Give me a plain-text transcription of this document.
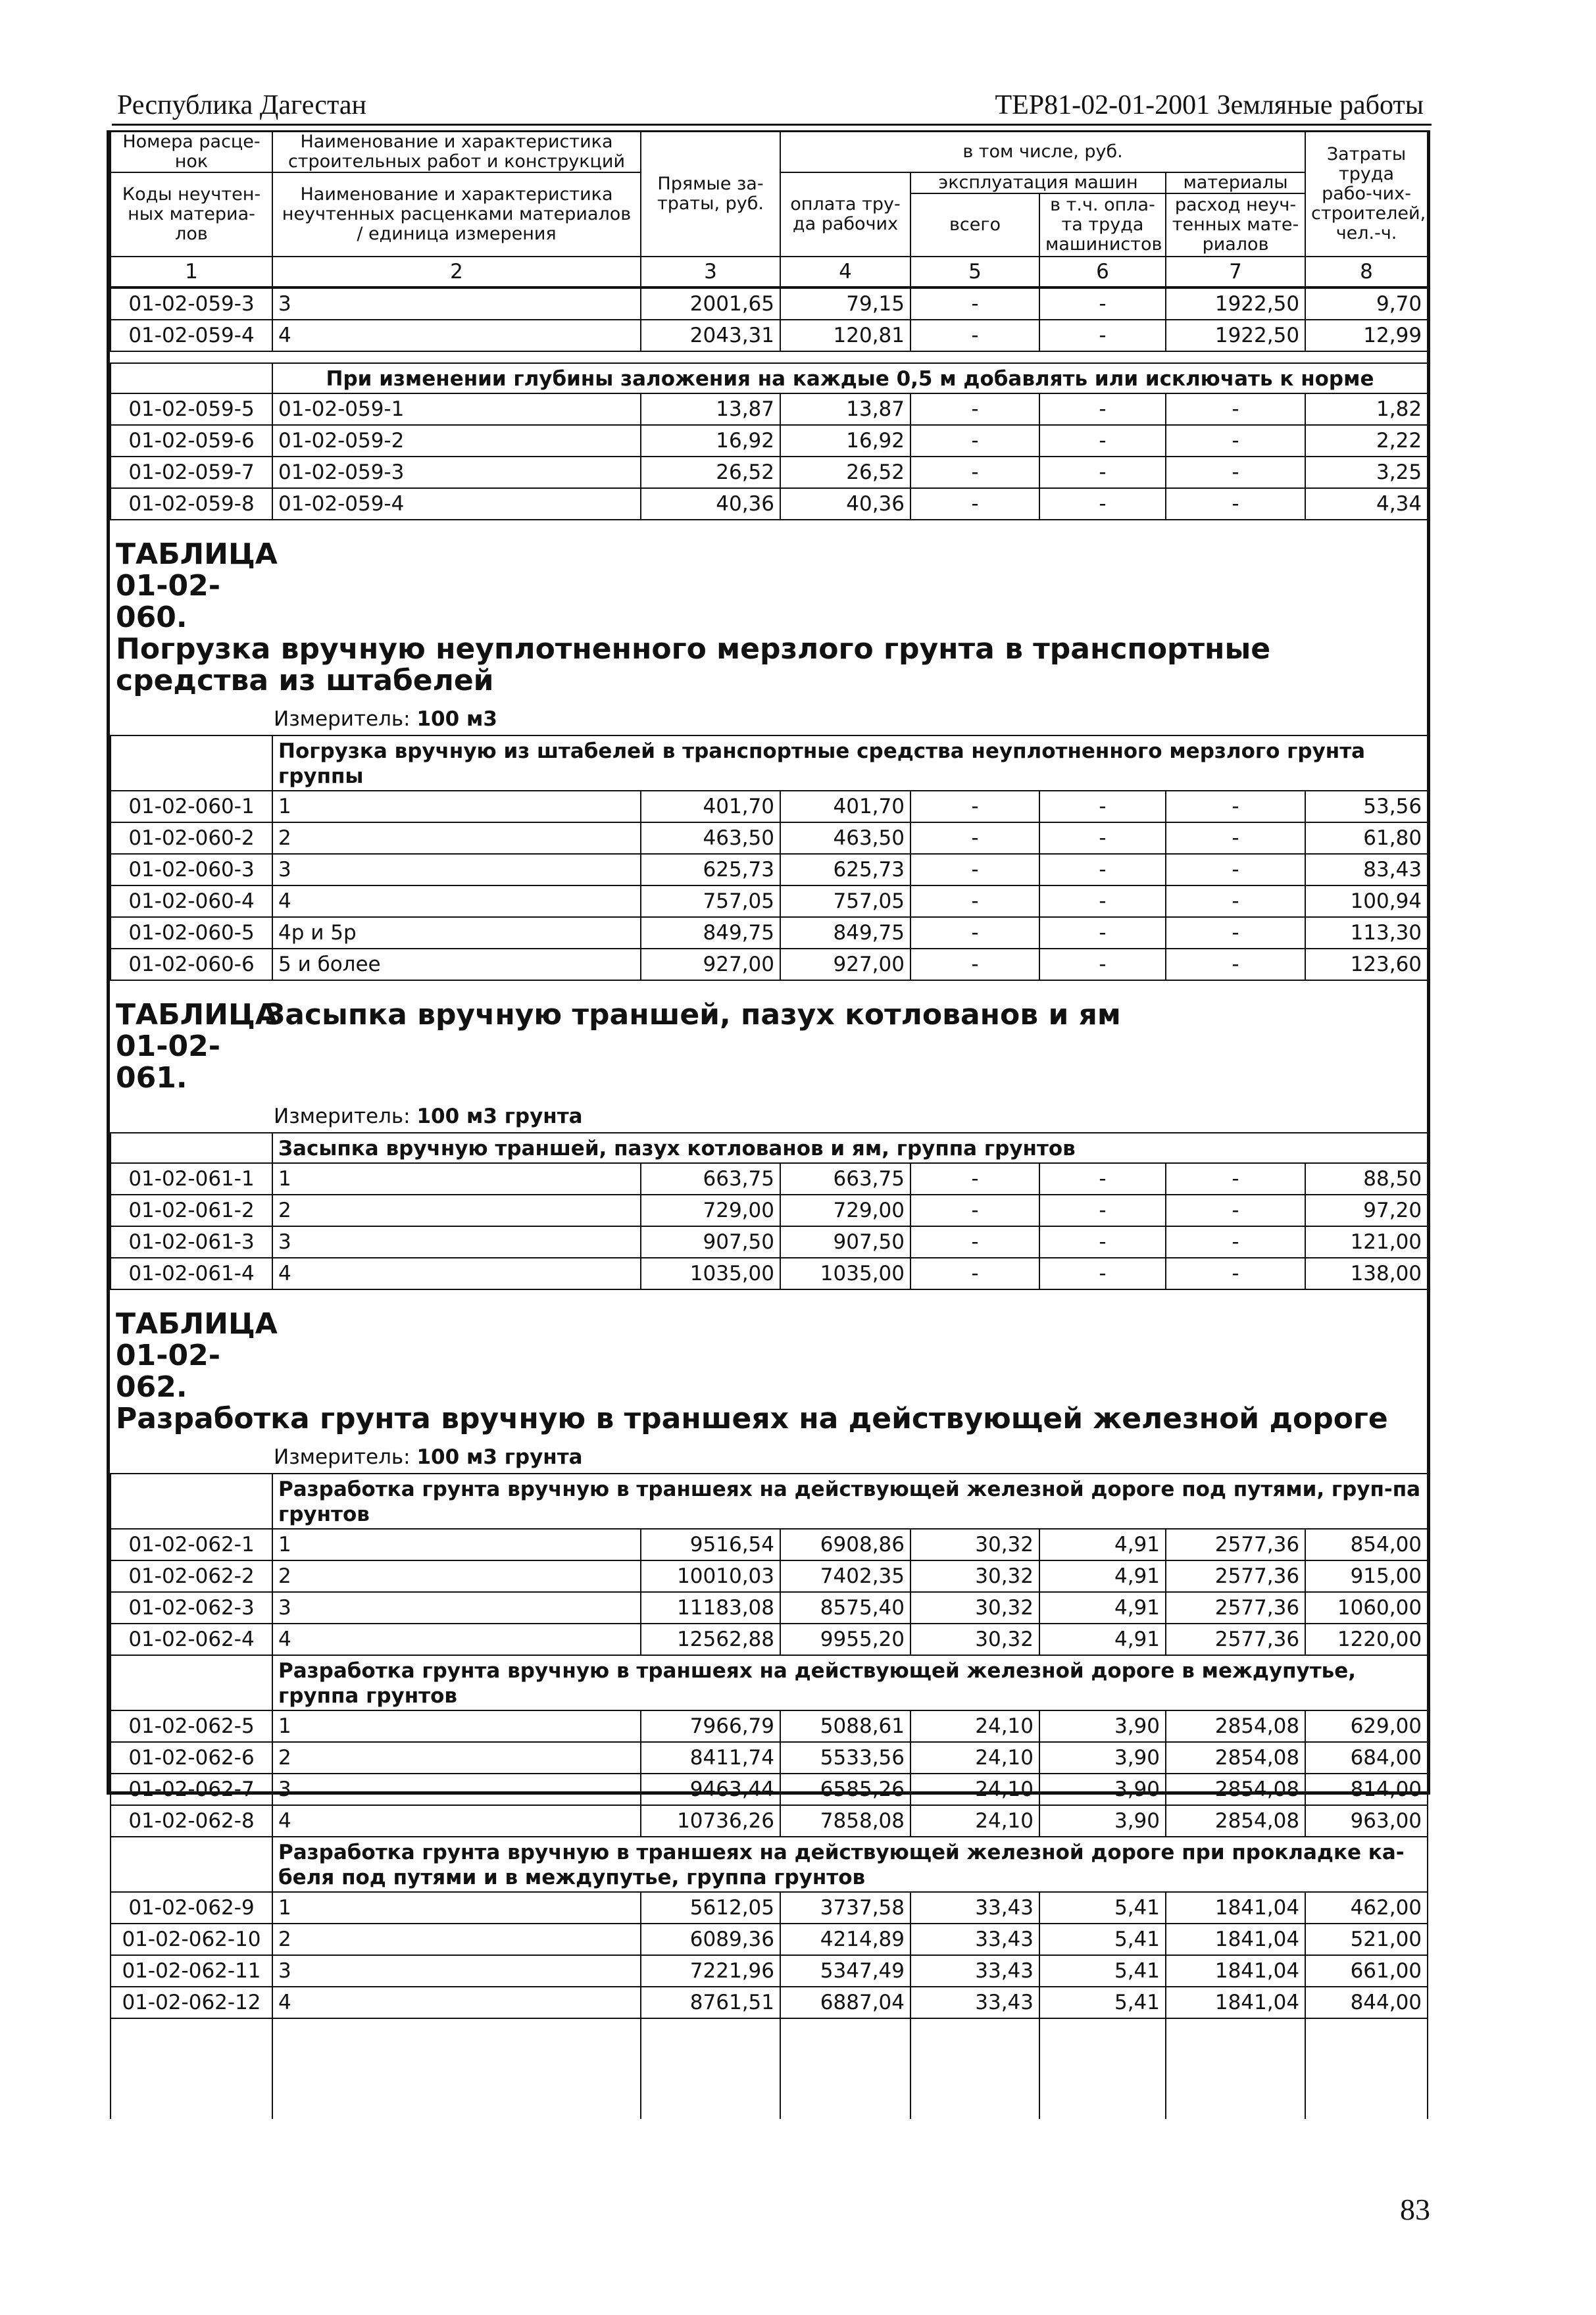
Республика Дагестан	ТЕР81-02-01-2001 Земляные работы
Номера расце-нок	Наименование и характеристика строительных работ и конструкций	Прямые за-траты, руб.	в том числе, руб.				Затраты труда рабо-чих-строителей, чел.-ч.
Коды неучтен-ных материа-лов	Наименование и характеристика неучтенных расценками материалов / единица измерения		оплата тру-да рабочих	эксплуатация машин		материалы	
				всего	в т.ч. опла-та труда машинистов	расход неуч-тенных мате-риалов	

1	2	3	4	5	6	7	8
01-02-059-3	3	2001,65	79,15	-	-	1922,50	9,70
01-02-059-4	4	2043,31	120,81	-	-	1922,50	12,99

	При изменении глубины заложения на каждые 0,5 м добавлять или исключать к норме						
01-02-059-5	01-02-059-1	13,87	13,87	-	-	-	1,82
01-02-059-6	01-02-059-2	16,92	16,92	-	-	-	2,22
01-02-059-7	01-02-059-3	26,52	26,52	-	-	-	3,25
01-02-059-8	01-02-059-4	40,36	40,36	-	-	-	4,34
ТАБЛИЦА 01-02-060.Погрузка вручную неуплотненного мерзлого грунта в транспортные средства из штабелей							
Измеритель: 100 м3							
	Погрузка вручную из штабелей в транспортные средства неуплотненного мерзлого грунта группы						
01-02-060-1	1	401,70	401,70	-	-	-	53,56
01-02-060-2	2	463,50	463,50	-	-	-	61,80
01-02-060-3	3	625,73	625,73	-	-	-	83,43
01-02-060-4	4	757,05	757,05	-	-	-	100,94
01-02-060-5	4р и 5р	849,75	849,75	-	-	-	113,30
01-02-060-6	5 и более	927,00	927,00	-	-	-	123,60
ТАБЛИЦА 01-02-061.Засыпка вручную траншей, пазух котлованов и ям							
Измеритель: 100 м3 грунта							
	Засыпка вручную траншей, пазух котлованов и ям, группа грунтов						
01-02-061-1	1	663,75	663,75	-	-	-	88,50
01-02-061-2	2	729,00	729,00	-	-	-	97,20
01-02-061-3	3	907,50	907,50	-	-	-	121,00
01-02-061-4	4	1035,00	1035,00	-	-	-	138,00
ТАБЛИЦА 01-02-062.Разработка грунта вручную в траншеях на действующей железной дороге							
Измеритель: 100 м3 грунта							
	Разработка грунта вручную в траншеях на действующей железной дороге под путями, груп-па грунтов						
01-02-062-1	1	9516,54	6908,86	30,32	4,91	2577,36	854,00
01-02-062-2	2	10010,03	7402,35	30,32	4,91	2577,36	915,00
01-02-062-3	3	11183,08	8575,40	30,32	4,91	2577,36	1060,00
01-02-062-4	4	12562,88	9955,20	30,32	4,91	2577,36	1220,00
	Разработка грунта вручную в траншеях на действующей железной дороге в междупутье, группа грунтов						
01-02-062-5	1	7966,79	5088,61	24,10	3,90	2854,08	629,00
01-02-062-6	2	8411,74	5533,56	24,10	3,90	2854,08	684,00
01-02-062-7	3	9463,44	6585,26	24,10	3,90	2854,08	814,00
01-02-062-8	4	10736,26	7858,08	24,10	3,90	2854,08	963,00
	Разработка грунта вручную в траншеях на действующей железной дороге при прокладке ка-беля под путями и в междупутье, группа грунтов						
01-02-062-9	1	5612,05	3737,58	33,43	5,41	1841,04	462,00
01-02-062-10	2	6089,36	4214,89	33,43	5,41	1841,04	521,00
01-02-062-11	3	7221,96	5347,49	33,43	5,41	1841,04	661,00
01-02-062-12	4	8761,51	6887,04	33,43	5,41	1841,04	844,00

83
